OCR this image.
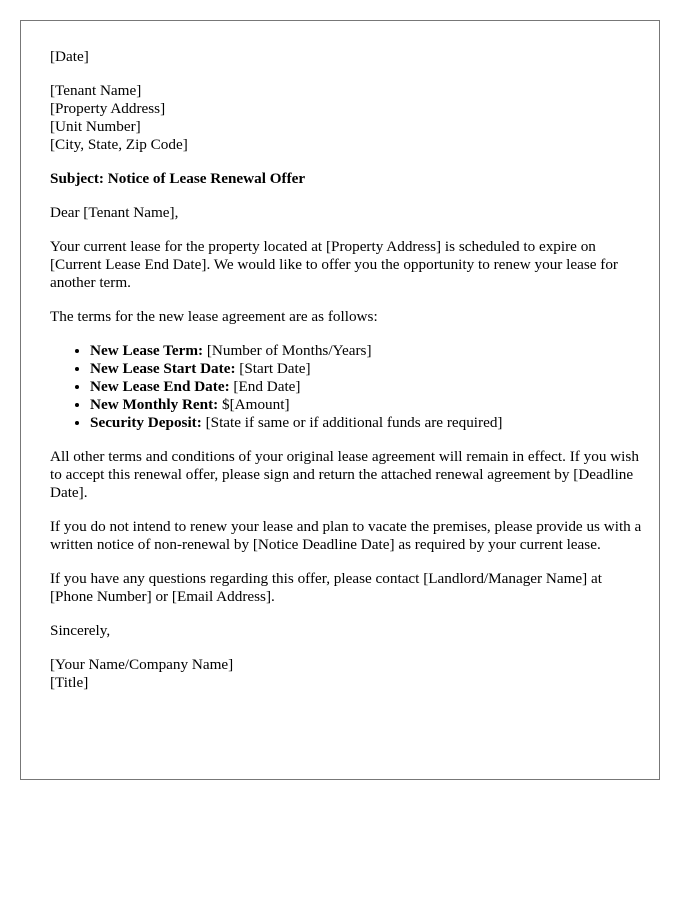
[Date]

[Tenant Name]
[Property Address]
[Unit Number]
[City, State, Zip Code]

Subject: Notice of Lease Renewal Offer

Dear [Tenant Name],

Your current lease for the property located at [Property Address] is scheduled to expire on [Current Lease End Date]. We would like to offer you the opportunity to renew your lease for another term.

The terms for the new lease agreement are as follows:

• New Lease Term: [Number of Months/Years]
• New Lease Start Date: [Start Date]
• New Lease End Date: [End Date]
• New Monthly Rent: $[Amount]
• Security Deposit: [State if same or if additional funds are required]

All other terms and conditions of your original lease agreement will remain in effect. If you wish to accept this renewal offer, please sign and return the attached renewal agreement by [Deadline Date].

If you do not intend to renew your lease and plan to vacate the premises, please provide us with a written notice of non-renewal by [Notice Deadline Date] as required by your current lease.

If you have any questions regarding this offer, please contact [Landlord/Manager Name] at [Phone Number] or [Email Address].

Sincerely,

[Your Name/Company Name]
[Title]
